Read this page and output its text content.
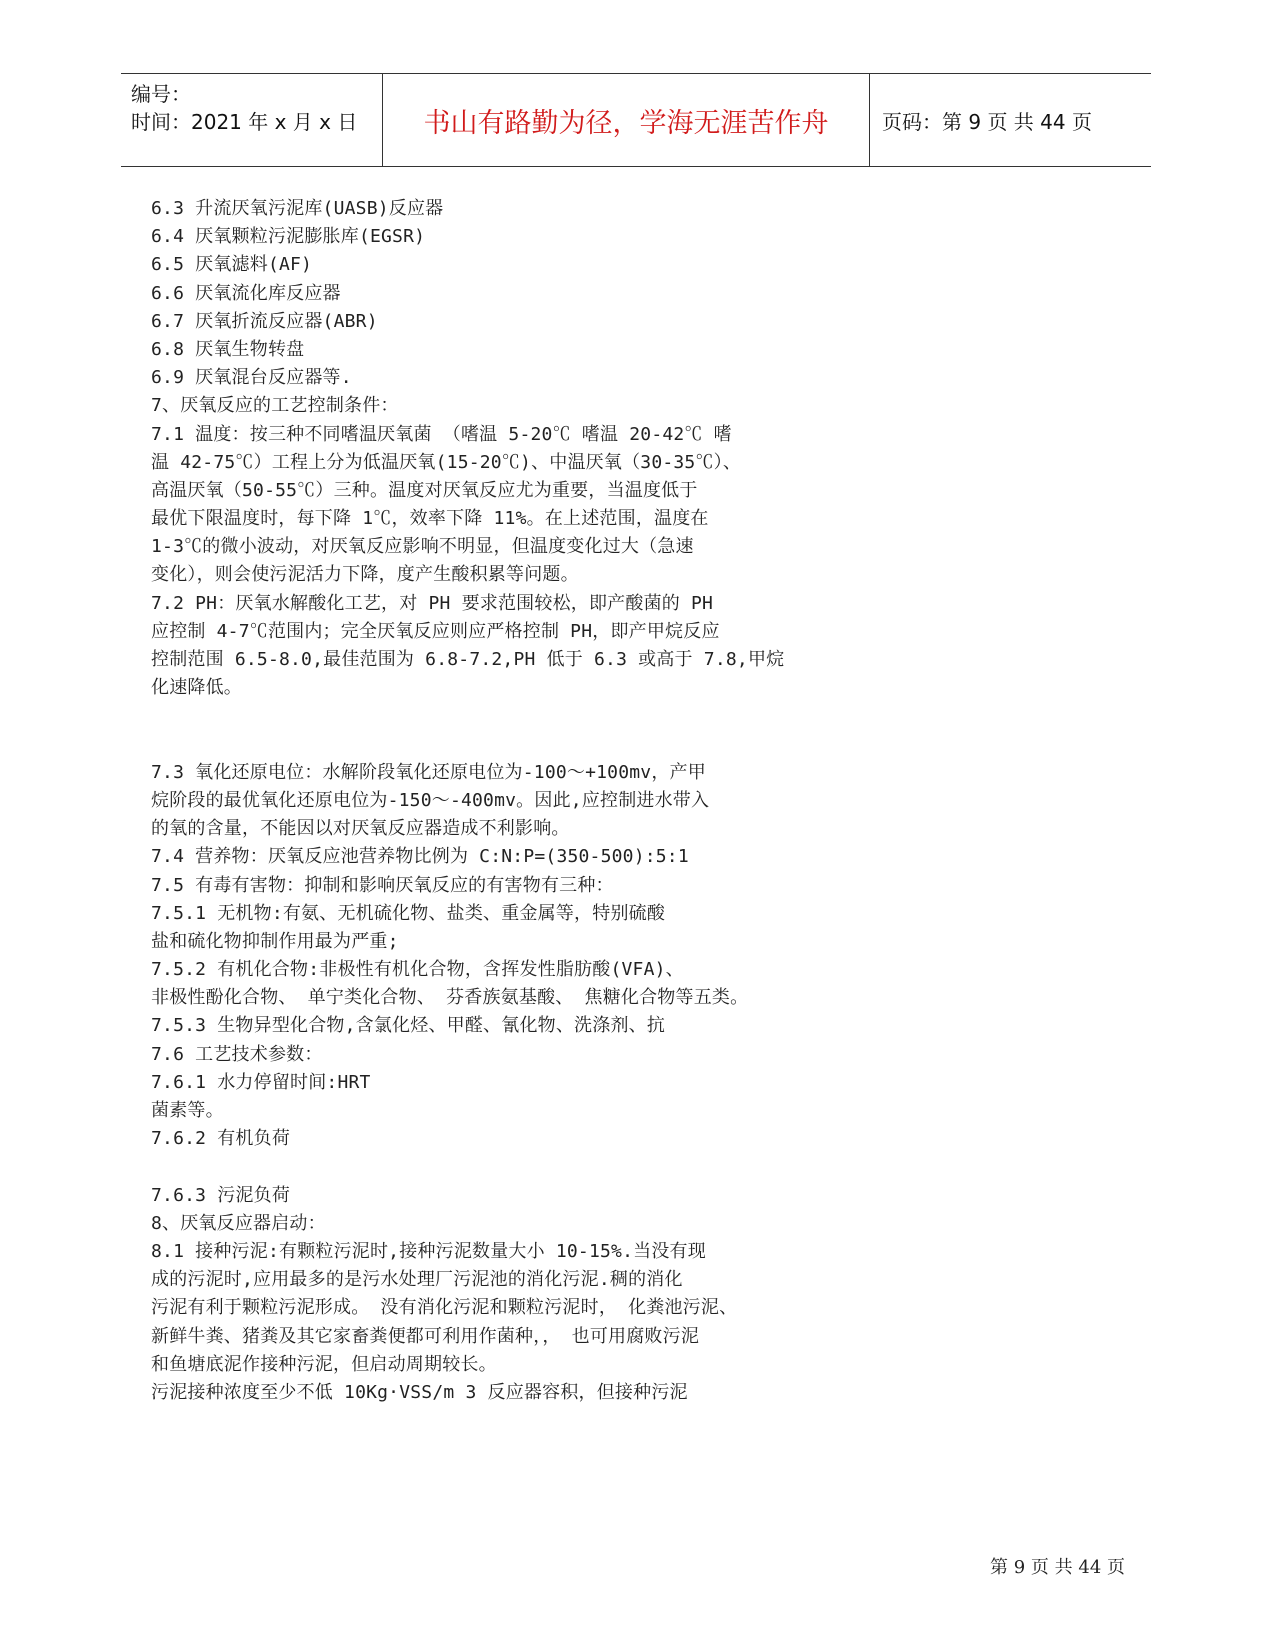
编号：
时间：2021 年 x 月 x 日	书山有路勤为径，学海无涯苦作舟	页码：第 9 页 共 44 页
6.3 升流厌氧污泥库(UASB)反应器
6.4 厌氧颗粒污泥膨胀库(EGSR)
6.5 厌氧滤料(AF)
6.6 厌氧流化库反应器
6.7 厌氧折流反应器(ABR)
6.8 厌氧生物转盘
6.9 厌氧混台反应器等.
7、厌氧反应的工艺控制条件：
7.1 温度：按三种不同嗜温厌氧菌 （嗜温 5-20℃ 嗜温 20-42℃ 嗜
温 42-75℃）工程上分为低温厌氧(15-20℃)、中温厌氧（30-35℃）、
高温厌氧（50-55℃）三种。温度对厌氧反应尤为重要，当温度低于
最优下限温度时，每下降 1℃，效率下降 11%。在上述范围，温度在
1-3℃的微小波动，对厌氧反应影响不明显，但温度变化过大（急速
变化），则会使污泥活力下降，度产生酸积累等问题。
7.2 PH：厌氧水解酸化工艺，对 PH 要求范围较松，即产酸菌的 PH
应控制 4-7℃范围内；完全厌氧反应则应严格控制 PH，即产甲烷反应
控制范围 6.5-8.0,最佳范围为 6.8-7.2,PH 低于 6.3 或高于 7.8,甲烷
化速降低。
7.3 氧化还原电位：水解阶段氧化还原电位为-100～+100mv，产甲
烷阶段的最优氧化还原电位为-150～-400mv。因此,应控制进水带入
的氧的含量，不能因以对厌氧反应器造成不利影响。
7.4 营养物：厌氧反应池营养物比例为 C:N:P=(350-500):5:1
7.5 有毒有害物：抑制和影响厌氧反应的有害物有三种：
7.5.1 无机物:有氨、无机硫化物、盐类、重金属等，特别硫酸
盐和硫化物抑制作用最为严重;
7.5.2 有机化合物:非极性有机化合物，含挥发性脂肪酸(VFA)、
非极性酚化合物、 单宁类化合物、 芬香族氨基酸、 焦糖化合物等五类。
7.5.3 生物异型化合物,含氯化烃、甲醛、氰化物、洗涤剂、抗
7.6 工艺技术参数：
7.6.1 水力停留时间:HRT
菌素等。
7.6.2 有机负荷
7.6.3 污泥负荷
8、厌氧反应器启动：
8.1 接种污泥:有颗粒污泥时,接种污泥数量大小 10-15%.当没有现
成的污泥时,应用最多的是污水处理厂污泥池的消化污泥.稠的消化
污泥有利于颗粒污泥形成。 没有消化污泥和颗粒污泥时， 化粪池污泥、
新鲜牛粪、猪粪及其它家畜粪便都可利用作菌种，， 也可用腐败污泥
和鱼塘底泥作接种污泥，但启动周期较长。
污泥接种浓度至少不低 10Kg·VSS/m 3 反应器容积，但接种污泥
第 9 页 共 44 页
